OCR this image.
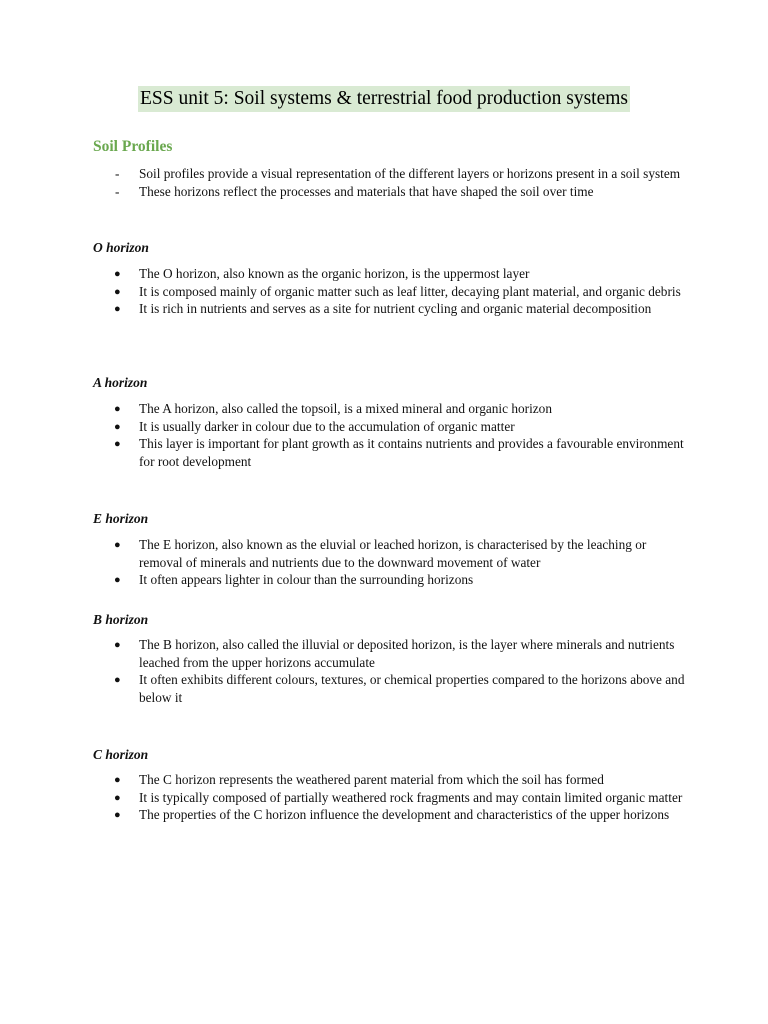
ESS unit 5: Soil systems & terrestrial food production systems
Soil Profiles
- Soil profiles provide a visual representation of the different layers or horizons present in a soil system
- These horizons reflect the processes and materials that have shaped the soil over time
O horizon
● The O horizon, also known as the organic horizon, is the uppermost layer
● It is composed mainly of organic matter such as leaf litter, decaying plant material, and organic debris
● It is rich in nutrients and serves as a site for nutrient cycling and organic material decomposition
A horizon
● The A horizon, also called the topsoil, is a mixed mineral and organic horizon
● It is usually darker in colour due to the accumulation of organic matter
● This layer is important for plant growth as it contains nutrients and provides a favourable environment for root development
E horizon
● The E horizon, also known as the eluvial or leached horizon, is characterised by the leaching or removal of minerals and nutrients due to the downward movement of water
● It often appears lighter in colour than the surrounding horizons
B horizon
● The B horizon, also called the illuvial or deposited horizon, is the layer where minerals and nutrients leached from the upper horizons accumulate
● It often exhibits different colours, textures, or chemical properties compared to the horizons above and below it
C horizon
● The C horizon represents the weathered parent material from which the soil has formed
● It is typically composed of partially weathered rock fragments and may contain limited organic matter
● The properties of the C horizon influence the development and characteristics of the upper horizons
